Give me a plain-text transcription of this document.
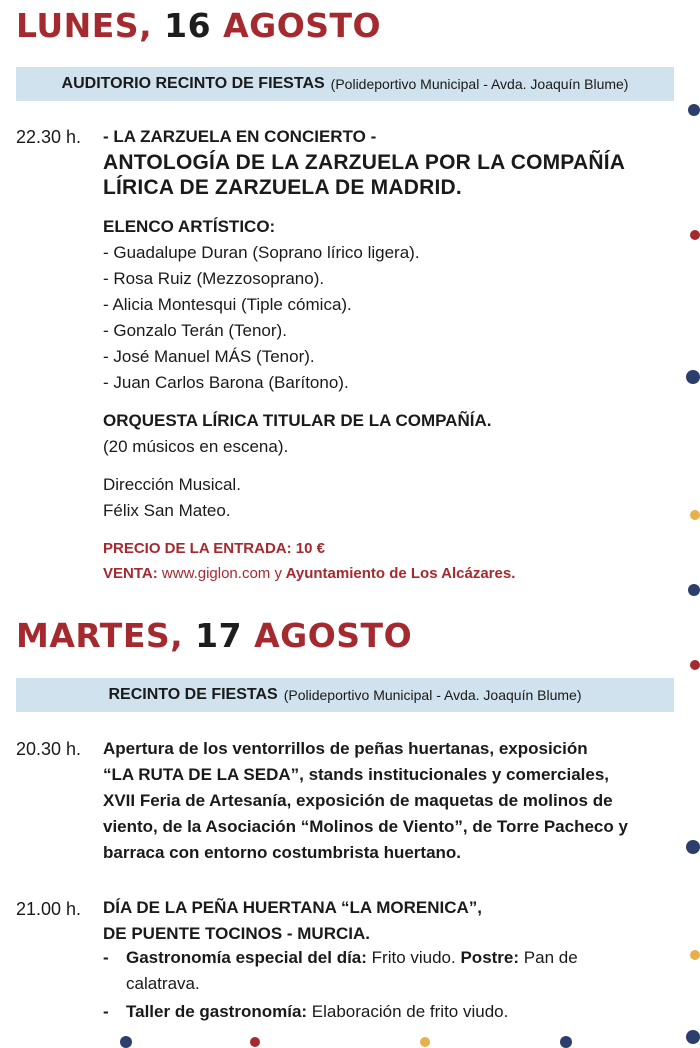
LUNES, 16 AGOSTO
AUDITORIO RECINTO DE FIESTAS (Polideportivo Municipal - Avda. Joaquín Blume)
22.30 h. - LA ZARZUELA EN CONCIERTO -
ANTOLOGÍA DE LA ZARZUELA POR LA COMPAÑÍA
LÍRICA DE ZARZUELA DE MADRID.
ELENCO ARTÍSTICO:
- Guadalupe Duran (Soprano lírico ligera).
- Rosa Ruiz (Mezzosoprano).
- Alicia Montesqui (Tiple cómica).
- Gonzalo Terán (Tenor).
- José Manuel MÁS (Tenor).
- Juan Carlos Barona (Barítono).
ORQUESTA LÍRICA TITULAR DE LA COMPAÑÍA.
(20 músicos en escena).
Dirección Musical.
Félix San Mateo.
PRECIO DE LA ENTRADA: 10 €
VENTA: www.giglon.com y Ayuntamiento de Los Alcázares.
MARTES, 17 AGOSTO
RECINTO DE FIESTAS (Polideportivo Municipal - Avda. Joaquín Blume)
20.30 h. Apertura de los ventorrillos de peñas huertanas, exposición
“LA RUTA DE LA SEDA”, stands institucionales y comerciales,
XVII Feria de Artesanía, exposición de maquetas de molinos de
viento, de la Asociación “Molinos de Viento”, de Torre Pacheco y
barraca con entorno costumbrista huertano.
21.00 h. DÍA DE LA PEÑA HUERTANA “LA MORENICA”,
DE PUENTE TOCINOS - MURCIA.
- Gastronomía especial del día: Frito viudo. Postre: Pan de
calatrava.
- Taller de gastronomía: Elaboración de frito viudo.
